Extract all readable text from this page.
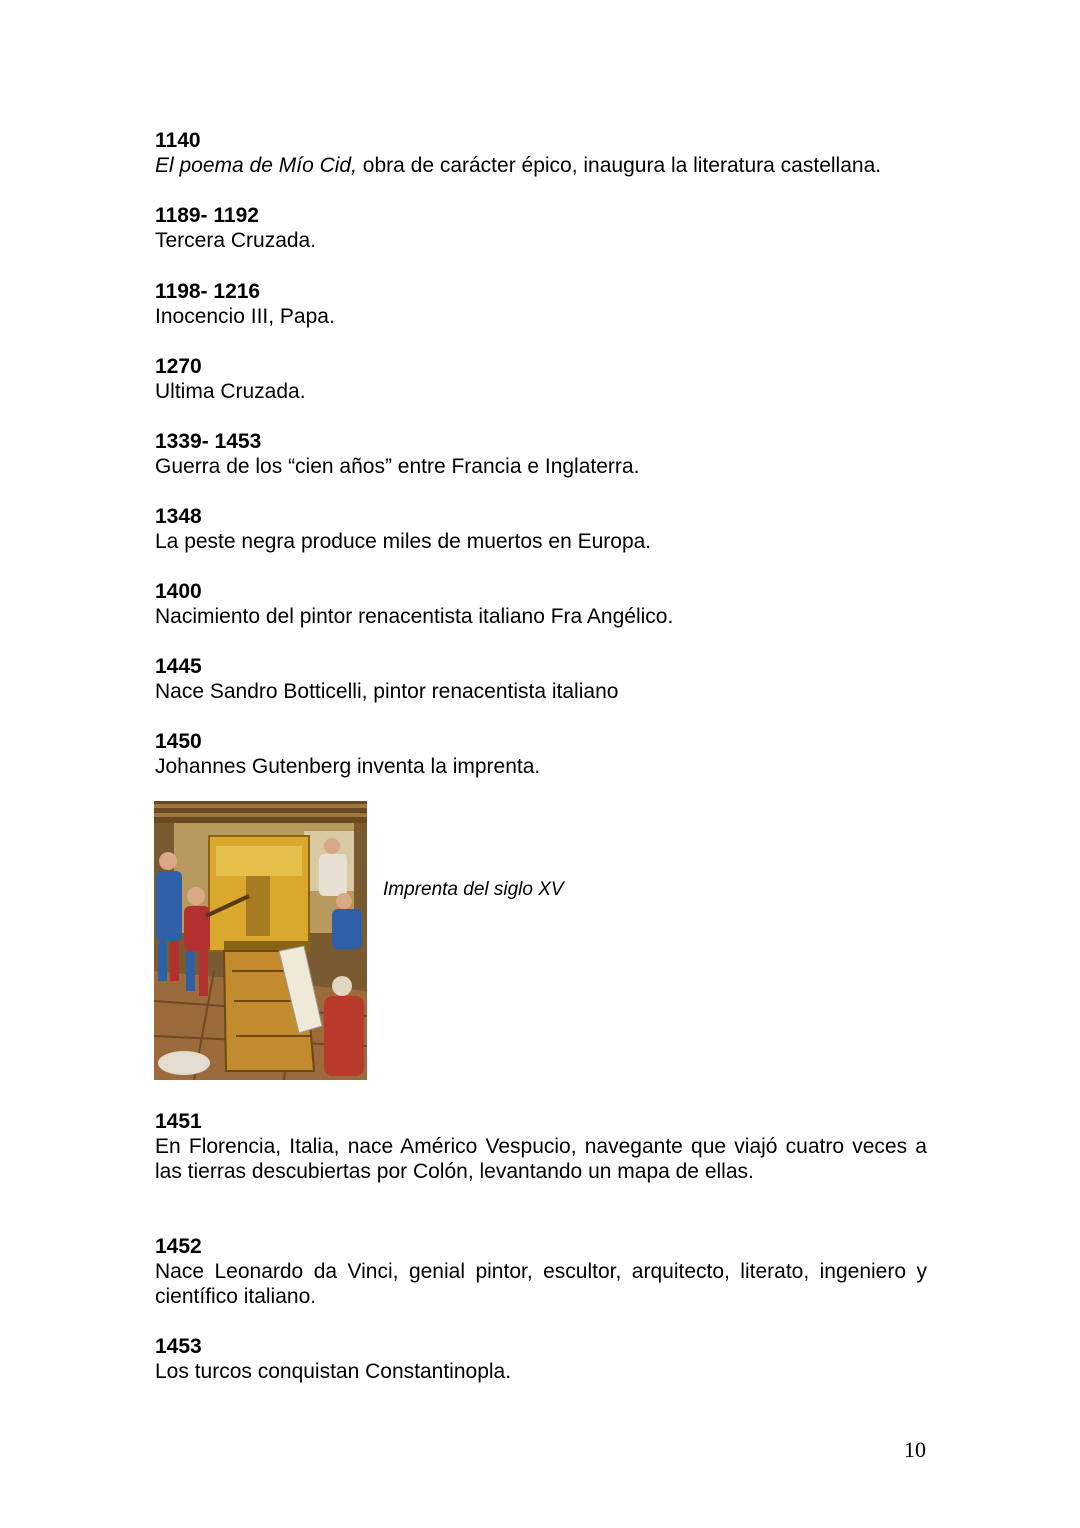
1140
El poema de Mío Cid, obra de carácter épico, inaugura la literatura castellana.
1189- 1192
Tercera Cruzada.
1198- 1216
Inocencio III, Papa.
1270
Ultima Cruzada.
1339- 1453
Guerra de los “cien años” entre Francia e Inglaterra.
1348
La peste negra produce miles de muertos en Europa.
1400
Nacimiento del pintor renacentista italiano Fra Angélico.
1445
Nace Sandro Botticelli, pintor renacentista italiano
1450
Johannes Gutenberg inventa la imprenta.
Imprenta del siglo XV
1451
En Florencia, Italia, nace Américo Vespucio, navegante que viajó cuatro veces a las tierras descubiertas por Colón, levantando un mapa de ellas.
1452
Nace Leonardo da Vinci, genial pintor, escultor, arquitecto, literato, ingeniero y científico italiano.
1453
Los turcos conquistan Constantinopla.
10
